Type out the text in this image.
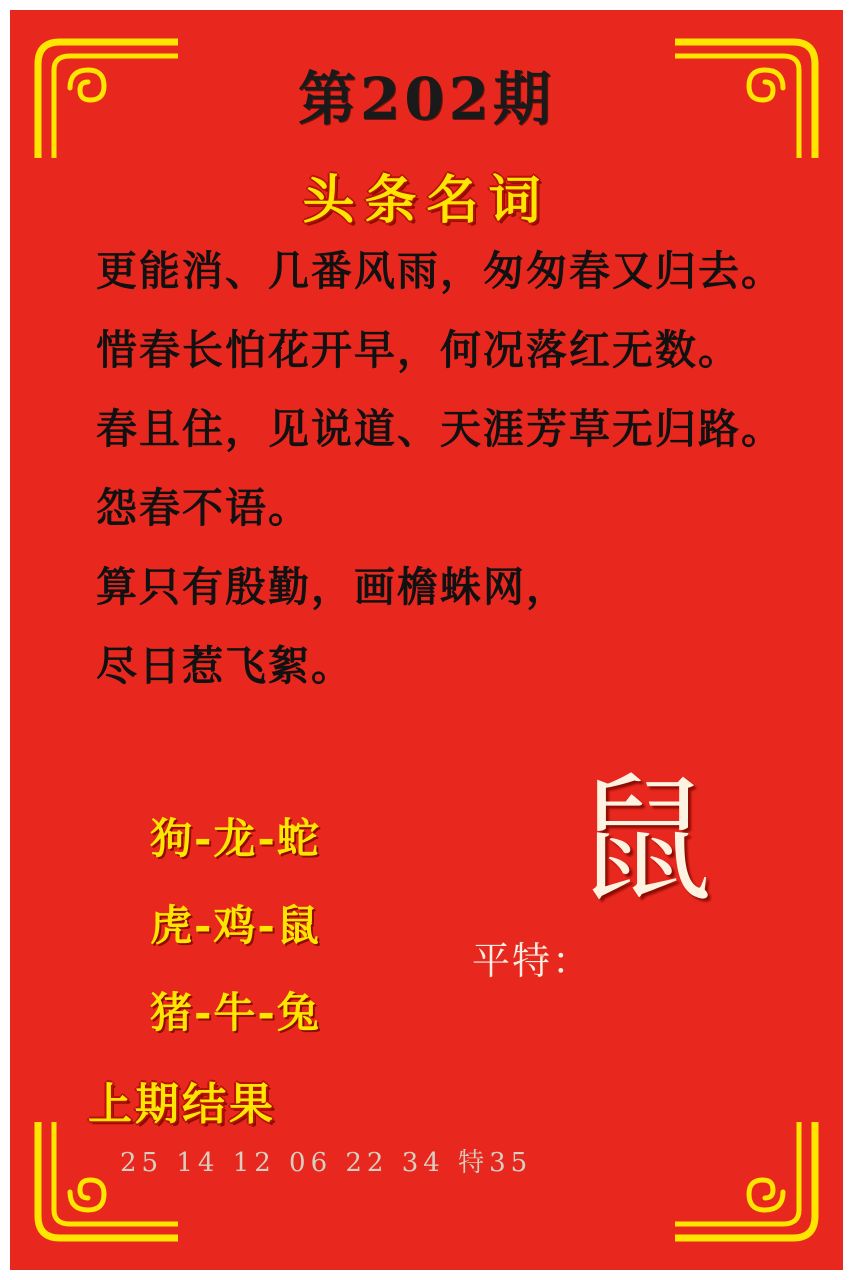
第202期
头条名词
更能消、几番风雨，匆匆春又归去。
惜春长怕花开早，何况落红无数。
春且住，见说道、天涯芳草无归路。
怨春不语。
算只有殷勤，画檐蛛网，
尽日惹飞絮。
狗-龙-蛇
虎-鸡-鼠
猪-牛-兔
鼠
平特：
上期结果
25 14 12 06 22 34 特35
